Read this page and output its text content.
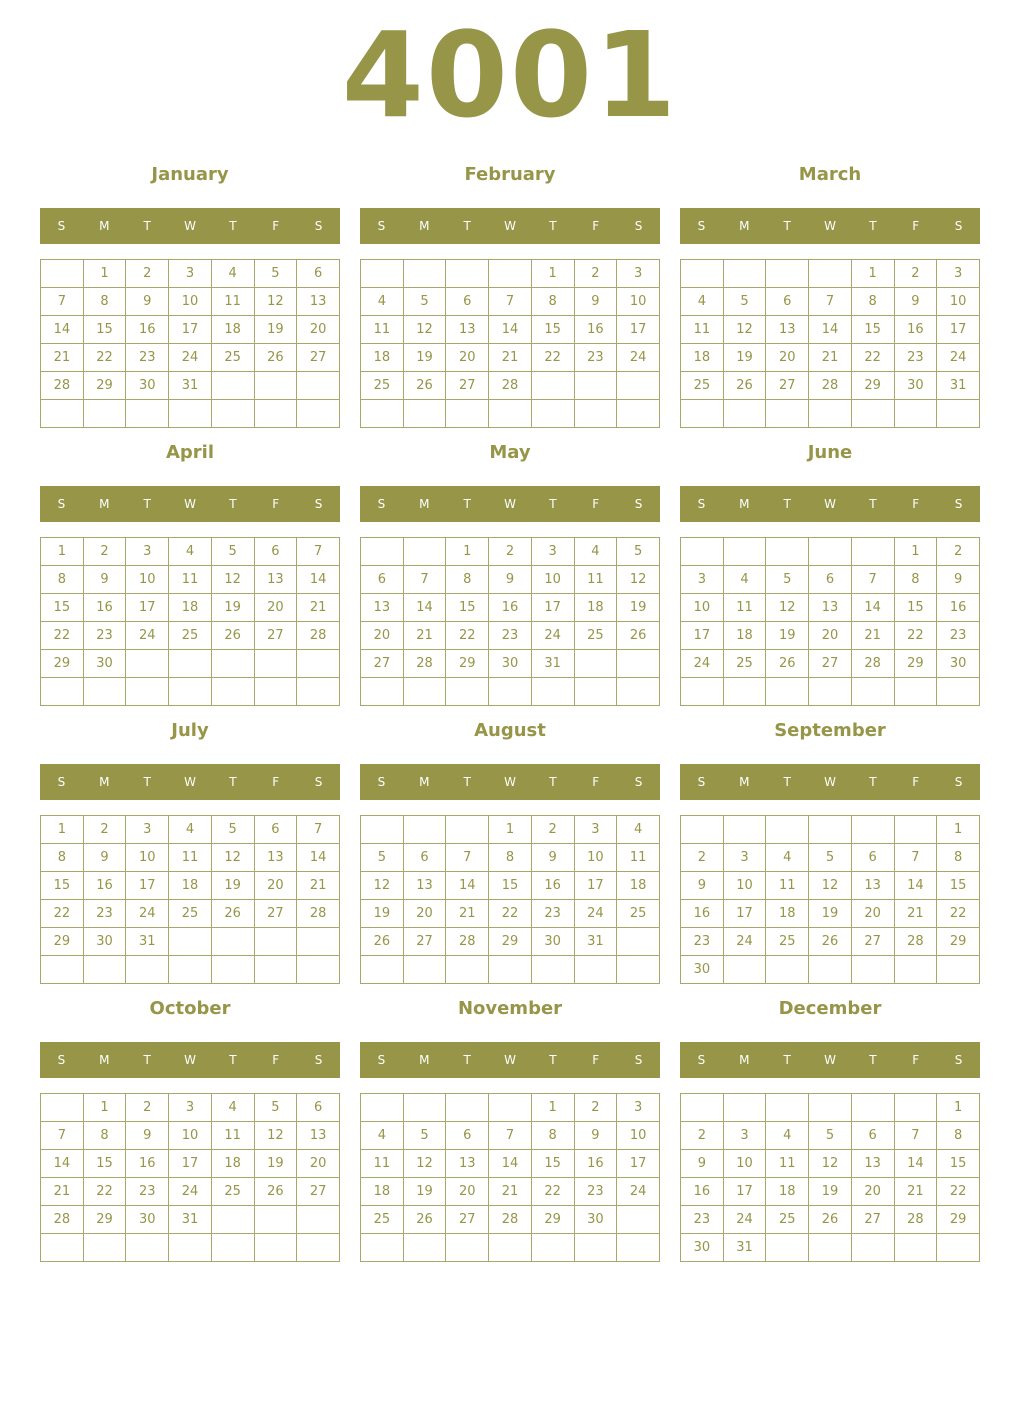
4001
January
S	M	T	W	T	F	S
	1	2	3	4	5	6
7	8	9	10	11	12	13
14	15	16	17	18	19	20
21	22	23	24	25	26	27
28	29	30	31			

February
S	M	T	W	T	F	S
				1	2	3
4	5	6	7	8	9	10
11	12	13	14	15	16	17
18	19	20	21	22	23	24
25	26	27	28			

March
S	M	T	W	T	F	S
				1	2	3
4	5	6	7	8	9	10
11	12	13	14	15	16	17
18	19	20	21	22	23	24
25	26	27	28	29	30	31

April
S	M	T	W	T	F	S
1	2	3	4	5	6	7
8	9	10	11	12	13	14
15	16	17	18	19	20	21
22	23	24	25	26	27	28
29	30					

May
S	M	T	W	T	F	S
		1	2	3	4	5
6	7	8	9	10	11	12
13	14	15	16	17	18	19
20	21	22	23	24	25	26
27	28	29	30	31		

June
S	M	T	W	T	F	S
					1	2
3	4	5	6	7	8	9
10	11	12	13	14	15	16
17	18	19	20	21	22	23
24	25	26	27	28	29	30

July
S	M	T	W	T	F	S
1	2	3	4	5	6	7
8	9	10	11	12	13	14
15	16	17	18	19	20	21
22	23	24	25	26	27	28
29	30	31				

August
S	M	T	W	T	F	S
			1	2	3	4
5	6	7	8	9	10	11
12	13	14	15	16	17	18
19	20	21	22	23	24	25
26	27	28	29	30	31	

September
S	M	T	W	T	F	S
						1
2	3	4	5	6	7	8
9	10	11	12	13	14	15
16	17	18	19	20	21	22
23	24	25	26	27	28	29
30						
October
S	M	T	W	T	F	S
	1	2	3	4	5	6
7	8	9	10	11	12	13
14	15	16	17	18	19	20
21	22	23	24	25	26	27
28	29	30	31			

November
S	M	T	W	T	F	S
				1	2	3
4	5	6	7	8	9	10
11	12	13	14	15	16	17
18	19	20	21	22	23	24
25	26	27	28	29	30	

December
S	M	T	W	T	F	S
						1
2	3	4	5	6	7	8
9	10	11	12	13	14	15
16	17	18	19	20	21	22
23	24	25	26	27	28	29
30	31					
